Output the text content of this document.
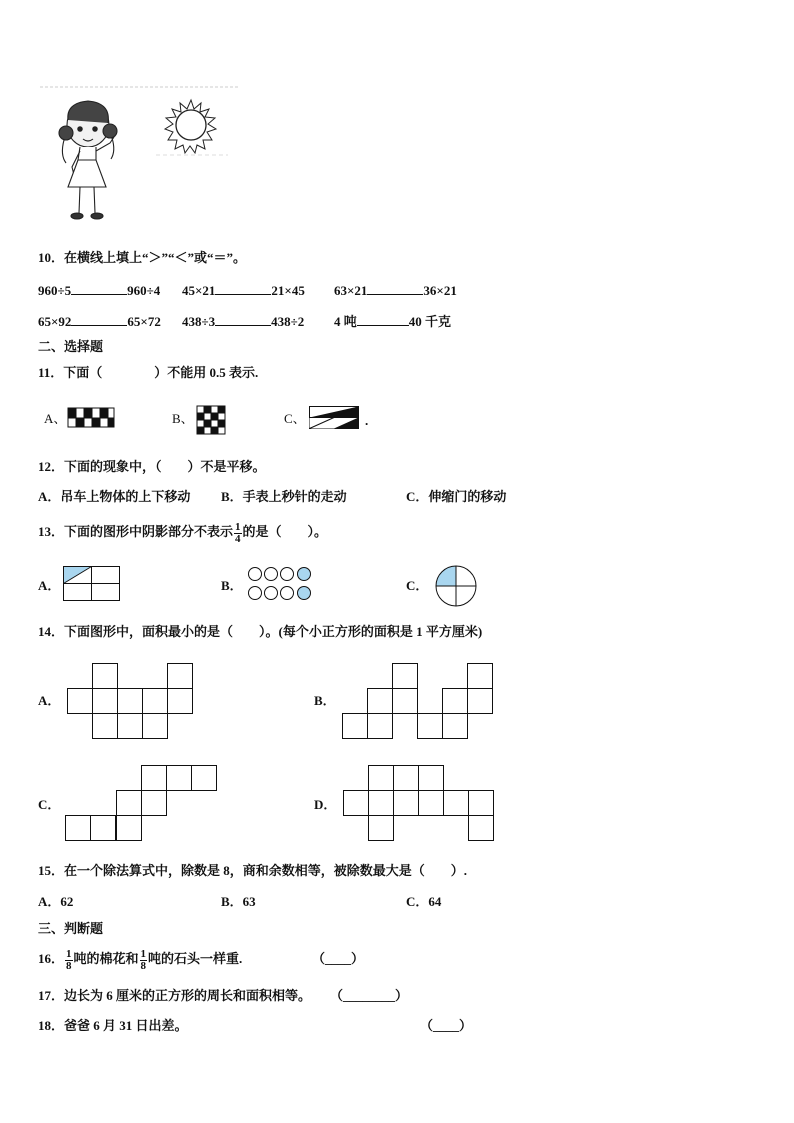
10．在横线上填上“＞”“＜”或“＝”。
960÷5	960÷4 45×21	21×45 63×21	36×21
65×92	65×72 438÷3	438÷2 4 吨	40 千克
二、选择题
11．下面（　　　　）不能用 0.5 表示.
A、	B、	C、	.
12．下面的现象中，（　　）不是平移。
A．吊车上物体的上下移动 B．手表上秒针的走动	C．伸缩门的移动
13．下面的图形中阴影部分不表示 $\frac{1}{4}$ 的是（　　）。
A．	B．	C．
14．下面图形中，面积最小的是（　　）。(每个小正方形的面积是 1 平方厘米)
A．	B．
C．	D．
15．在一个除法算式中，除数是 8，商和余数相等，被除数最大是（　　）.
A．62	B．63	C．64
三、判断题
16． $\frac{1}{8}$ 吨的棉花和 $\frac{1}{8}$ 吨的石头一样重.	（____）
17．边长为 6 厘米的正方形的周长和面积相等。 （________）
18．爸爸 6 月 31 日出差。	（____）
